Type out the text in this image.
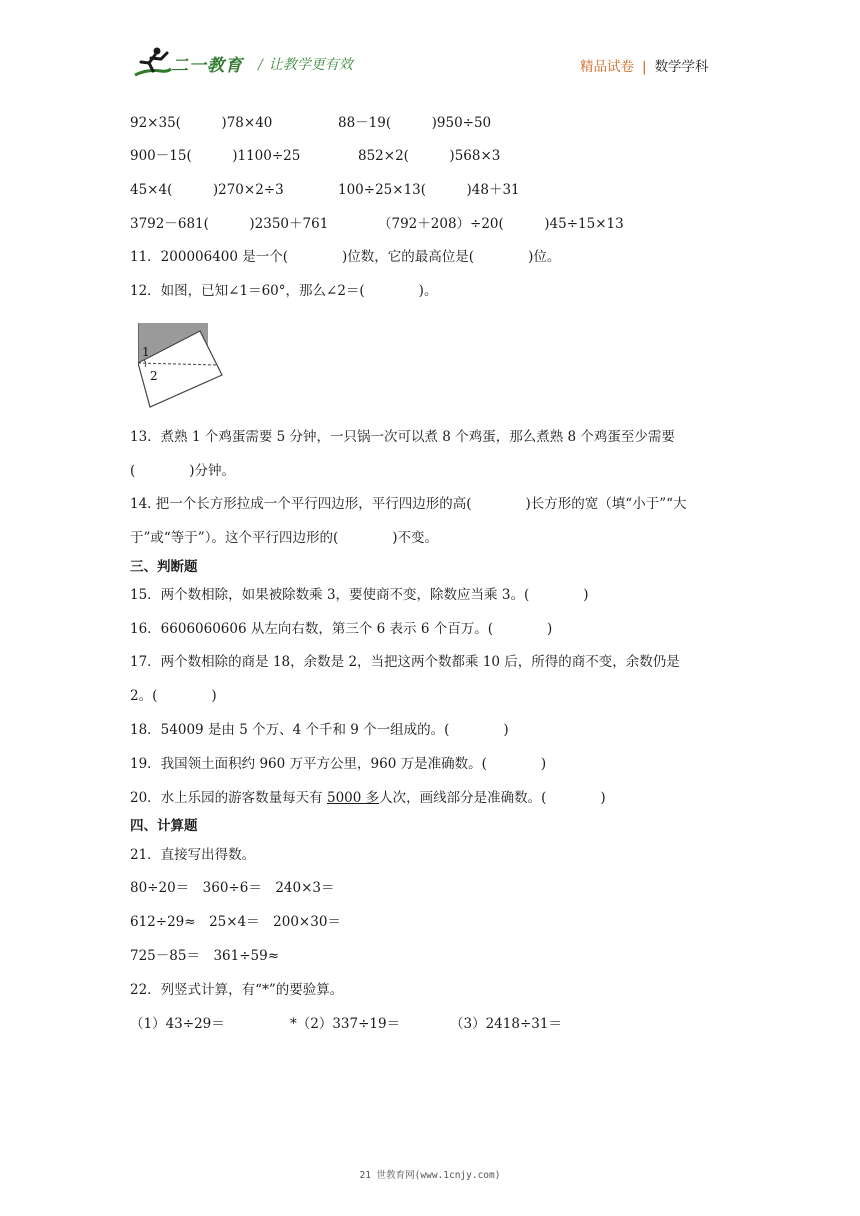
二一教育 / 让教学更有效	精品试卷 | 数学学科
92×35(　　　)78×40	88－19(　　　)950÷50
900－15(　　　)1100÷25	852×2(　　　)568×3
45×4(　　　)270×2÷3	100÷25×13(　　　)48＋31
3792－681(　　　)2350＋761	（792＋208）÷20(　　　)45÷15×13
11．200006400 是一个(　　　　)位数，它的最高位是(　　　　)位。
12．如图，已知∠1＝60°，那么∠2＝(　　　　)。
1
2
13．煮熟 1 个鸡蛋需要 5 分钟，一只锅一次可以煮 8 个鸡蛋，那么煮熟 8 个鸡蛋至少需要
(　　　　)分钟。
14. 把一个长方形拉成一个平行四边形，平行四边形的高(　　　　)长方形的宽（填“小于”“大
于”或“等于”）。这个平行四边形的(　　　　)不变。
三、判断题
15．两个数相除，如果被除数乘 3，要使商不变，除数应当乘 3。(　　　　)
16．6606060606 从左向右数，第三个 6 表示 6 个百万。(　　　　)
17．两个数相除的商是 18，余数是 2，当把这两个数都乘 10 后，所得的商不变，余数仍是
2。(　　　　)
18．54009 是由 5 个万、4 个千和 9 个一组成的。(　　　　)
19．我国领土面积约 960 万平方公里，960 万是准确数。(　　　　)
20．水上乐园的游客数量每天有 5000 多人次，画线部分是准确数。(　　　　)
四、计算题
21．直接写出得数。
80÷20＝　360÷6＝　240×3＝
612÷29≈　25×4＝　200×30＝
725－85＝　361÷59≈
22．列竖式计算，有“*”的要验算。
（1）43÷29＝	*（2）337÷19＝	（3）2418÷31＝
21 世教育网(www.1cnjy.com)
